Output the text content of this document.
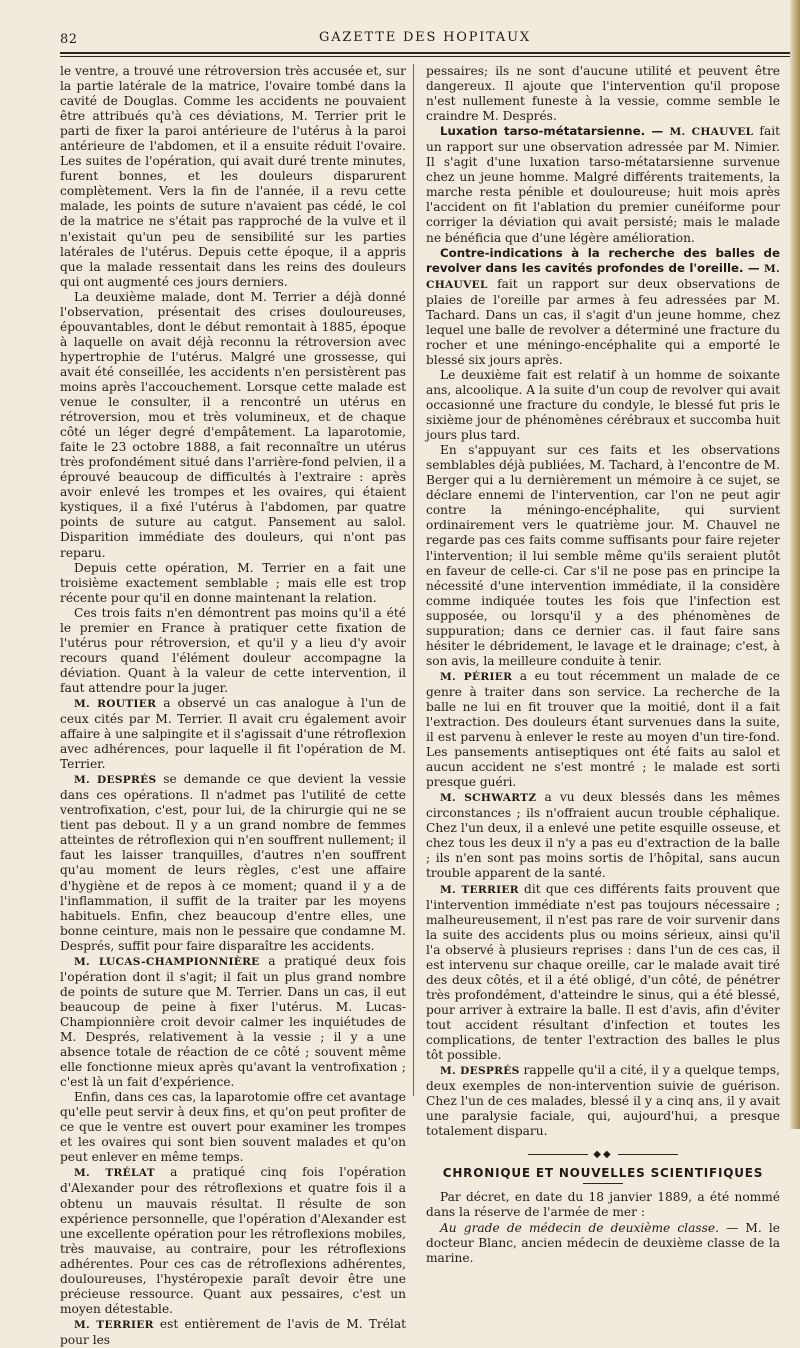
82	GAZETTE DES HOPITAUX

le ventre, a trouvé une rétroversion très accusée et, sur la partie latérale de la matrice, l'ovaire tombé dans la cavité de Douglas. Comme les accidents ne pouvaient être attribués qu'à ces déviations, M. Terrier prit le parti de fixer la paroi antérieure de l'utérus à la paroi antérieure de l'abdomen, et il a ensuite réduit l'ovaire. Les suites de l'opération, qui avait duré trente minutes, furent bonnes, et les douleurs disparurent complètement. Vers la fin de l'année, il a revu cette malade, les points de suture n'avaient pas cédé, le col de la matrice ne s'était pas rapproché de la vulve et il n'existait qu'un peu de sensibilité sur les parties latérales de l'utérus. Depuis cette époque, il a appris que la malade ressentait dans les reins des douleurs qui ont augmenté ces jours derniers.

La deuxième malade, dont M. Terrier a déjà donné l'observation, présentait des crises douloureuses, épouvantables, dont le début remontait à 1885, époque à laquelle on avait déjà reconnu la rétroversion avec hypertrophie de l'utérus. Malgré une grossesse, qui avait été conseillée, les accidents n'en persistèrent pas moins après l'accouchement. Lorsque cette malade est venue le consulter, il a rencontré un utérus en rétroversion, mou et très volumineux, et de chaque côté un léger degré d'empâtement. La laparotomie, faite le 23 octobre 1888, a fait reconnaître un utérus très profondément situé dans l'arrière-fond pelvien, il a éprouvé beaucoup de difficultés à l'extraire : après avoir enlevé les trompes et les ovaires, qui étaient kystiques, il a fixé l'utérus à l'abdomen, par quatre points de suture au catgut. Pansement au salol. Disparition immédiate des douleurs, qui n'ont pas reparu.

Depuis cette opération, M. Terrier en a fait une troisième exactement semblable ; mais elle est trop récente pour qu'il en donne maintenant la relation.

Ces trois faits n'en démontrent pas moins qu'il a été le premier en France à pratiquer cette fixation de l'utérus pour rétroversion, et qu'il y a lieu d'y avoir recours quand l'élément douleur accompagne la déviation. Quant à la valeur de cette intervention, il faut attendre pour la juger.

M. ROUTIER a observé un cas analogue à l'un de ceux cités par M. Terrier. Il avait cru également avoir affaire à une salpingite et il s'agissait d'une rétroflexion avec adhérences, pour laquelle il fit l'opération de M. Terrier.

M. DESPRÉS se demande ce que devient la vessie dans ces opérations. Il n'admet pas l'utilité de cette ventrofixation, c'est, pour lui, de la chirurgie qui ne se tient pas debout. Il y a un grand nombre de femmes atteintes de rétroflexion qui n'en souffrent nullement; il faut les laisser tranquilles, d'autres n'en souffrent qu'au moment de leurs règles, c'est une affaire d'hygiène et de repos à ce moment; quand il y a de l'inflammation, il suffit de la traiter par les moyens habituels. Enfin, chez beaucoup d'entre elles, une bonne ceinture, mais non le pessaire que condamne M. Després, suffit pour faire disparaître les accidents.

M. LUCAS-CHAMPIONNIÈRE a pratiqué deux fois l'opération dont il s'agit; il fait un plus grand nombre de points de suture que M. Terrier. Dans un cas, il eut beaucoup de peine à fixer l'utérus. M. Lucas-Championnière croit devoir calmer les inquiétudes de M. Després, relativement à la vessie ; il y a une absence totale de réaction de ce côté ; souvent même elle fonctionne mieux après qu'avant la ventrofixation ; c'est là un fait d'expérience.

Enfin, dans ces cas, la laparotomie offre cet avantage qu'elle peut servir à deux fins, et qu'on peut profiter de ce que le ventre est ouvert pour examiner les trompes et les ovaires qui sont bien souvent malades et qu'on peut enlever en même temps.

M. TRÉLAT a pratiqué cinq fois l'opération d'Alexander pour des rétroflexions et quatre fois il a obtenu un mauvais résultat. Il résulte de son expérience personnelle, que l'opération d'Alexander est une excellente opération pour les rétroflexions mobiles, très mauvaise, au contraire, pour les rétroflexions adhérentes. Pour ces cas de rétroflexions adhérentes, douloureuses, l'hystéropexie paraît devoir être une précieuse ressource. Quant aux pessaires, c'est un moyen détestable.

M. TERRIER est entièrement de l'avis de M. Trélat pour les

pessaires; ils ne sont d'aucune utilité et peuvent être dangereux. Il ajoute que l'intervention qu'il propose n'est nullement funeste à la vessie, comme semble le craindre M. Després.

Luxation tarso-métatarsienne. — M. CHAUVEL fait un rapport sur une observation adressée par M. Nimier. Il s'agit d'une luxation tarso-métatarsienne survenue chez un jeune homme. Malgré différents traitements, la marche resta pénible et douloureuse; huit mois après l'accident on fit l'ablation du premier cunéiforme pour corriger la déviation qui avait persisté; mais le malade ne bénéficia que d'une légère amélioration.

Contre-indications à la recherche des balles de revolver dans les cavités profondes de l'oreille. — M. CHAUVEL fait un rapport sur deux observations de plaies de l'oreille par armes à feu adressées par M. Tachard. Dans un cas, il s'agit d'un jeune homme, chez lequel une balle de revolver a déterminé une fracture du rocher et une méningo-encéphalite qui a emporté le blessé six jours après.

Le deuxième fait est relatif à un homme de soixante ans, alcoolique. A la suite d'un coup de revolver qui avait occasionné une fracture du condyle, le blessé fut pris le sixième jour de phénomènes cérébraux et succomba huit jours plus tard.

En s'appuyant sur ces faits et les observations semblables déjà publiées, M. Tachard, à l'encontre de M. Berger qui a lu dernièrement un mémoire à ce sujet, se déclare ennemi de l'intervention, car l'on ne peut agir contre la méningo-encéphalite, qui survient ordinairement vers le quatrième jour. M. Chauvel ne regarde pas ces faits comme suffisants pour faire rejeter l'intervention; il lui semble même qu'ils seraient plutôt en faveur de celle-ci. Car s'il ne pose pas en principe la nécessité d'une intervention immédiate, il la considère comme indiquée toutes les fois que l'infection est supposée, ou lorsqu'il y a des phénomènes de suppuration; dans ce dernier cas. il faut faire sans hésiter le débridement, le lavage et le drainage; c'est, à son avis, la meilleure conduite à tenir.

M. PÉRIER a eu tout récemment un malade de ce genre à traiter dans son service. La recherche de la balle ne lui en fit trouver que la moitié, dont il a fait l'extraction. Des douleurs étant survenues dans la suite, il est parvenu à enlever le reste au moyen d'un tire-fond. Les pansements antiseptiques ont été faits au salol et aucun accident ne s'est montré ; le malade est sorti presque guéri.

M. SCHWARTZ a vu deux blessés dans les mêmes circonstances ; ils n'offraient aucun trouble céphalique. Chez l'un deux, il a enlevé une petite esquille osseuse, et chez tous les deux il n'y a pas eu d'extraction de la balle ; ils n'en sont pas moins sortis de l'hôpital, sans aucun trouble apparent de la santé.

M. TERRIER dit que ces différents faits prouvent que l'intervention immédiate n'est pas toujours nécessaire ; malheureusement, il n'est pas rare de voir survenir dans la suite des accidents plus ou moins sérieux, ainsi qu'il l'a observé à plusieurs reprises : dans l'un de ces cas, il est intervenu sur chaque oreille, car le malade avait tiré des deux côtés, et il a été obligé, d'un côté, de pénétrer très profondément, d'atteindre le sinus, qui a été blessé, pour arriver à extraire la balle. Il est d'avis, afin d'éviter tout accident résultant d'infection et toutes les complications, de tenter l'extraction des balles le plus tôt possible.

M. DESPRÉS rappelle qu'il a cité, il y a quelque temps, deux exemples de non-intervention suivie de guérison. Chez l'un de ces malades, blessé il y a cinq ans, il y avait une paralysie faciale, qui, aujourd'hui, a presque totalement disparu.

◆◆
CHRONIQUE ET NOUVELLES SCIENTIFIQUES

Par décret, en date du 18 janvier 1889, a été nommé dans la réserve de l'armée de mer :

Au grade de médecin de deuxième classe. — M. le docteur Blanc, ancien médecin de deuxième classe de la marine.
